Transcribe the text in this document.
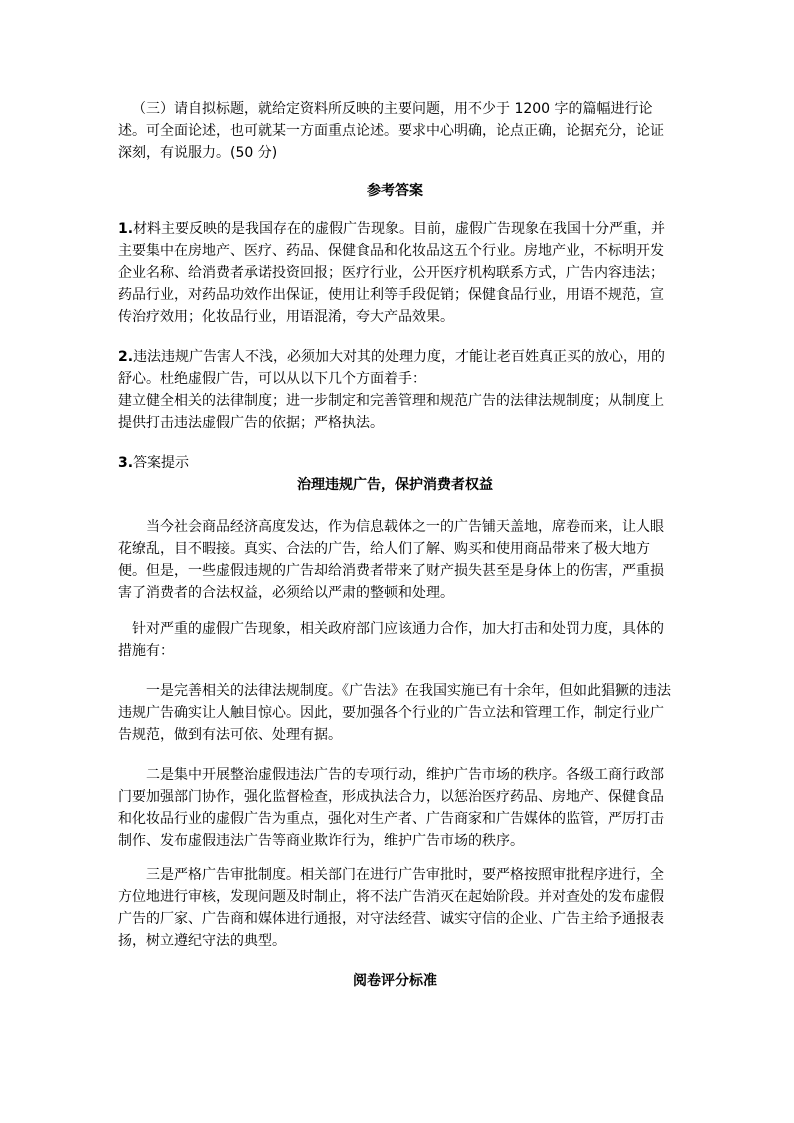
（三）请自拟标题，就给定资料所反映的主要问题，用不少于 1200 字的篇幅进行论述。可全面论述，也可就某一方面重点论述。要求中心明确，论点正确，论据充分，论证深刻，有说服力。(50 分)

参考答案

1.材料主要反映的是我国存在的虚假广告现象。目前，虚假广告现象在我国十分严重，并主要集中在房地产、医疗、药品、保健食品和化妆品这五个行业。房地产业，不标明开发企业名称、给消费者承诺投资回报；医疗行业，公开医疗机构联系方式，广告内容违法；药品行业，对药品功效作出保证，使用让利等手段促销；保健食品行业，用语不规范，宣传治疗效用；化妆品行业，用语混淆，夸大产品效果。

2.违法违规广告害人不浅，必须加大对其的处理力度，才能让老百姓真正买的放心，用的舒心。杜绝虚假广告，可以从以下几个方面着手：

建立健全相关的法律制度；进一步制定和完善管理和规范广告的法律法规制度；从制度上提供打击违法虚假广告的依据；严格执法。

3.答案提示

治理违规广告，保护消费者权益

当今社会商品经济高度发达，作为信息载体之一的广告铺天盖地，席卷而来，让人眼花缭乱，目不暇接。真实、合法的广告，给人们了解、购买和使用商品带来了极大地方便。但是，一些虚假违规的广告却给消费者带来了财产损失甚至是身体上的伤害，严重损害了消费者的合法权益，必须给以严肃的整顿和处理。

针对严重的虚假广告现象，相关政府部门应该通力合作，加大打击和处罚力度，具体的措施有：

一是完善相关的法律法规制度。《广告法》在我国实施已有十余年，但如此猖獗的违法违规广告确实让人触目惊心。因此，要加强各个行业的广告立法和管理工作，制定行业广告规范，做到有法可依、处理有据。

二是集中开展整治虚假违法广告的专项行动，维护广告市场的秩序。各级工商行政部门要加强部门协作，强化监督检查，形成执法合力，以惩治医疗药品、房地产、保健食品和化妆品行业的虚假广告为重点，强化对生产者、广告商家和广告媒体的监管，严厉打击制作、发布虚假违法广告等商业欺诈行为，维护广告市场的秩序。

三是严格广告审批制度。相关部门在进行广告审批时，要严格按照审批程序进行，全方位地进行审核，发现问题及时制止，将不法广告消灭在起始阶段。并对查处的发布虚假广告的厂家、广告商和媒体进行通报，对守法经营、诚实守信的企业、广告主给予通报表扬，树立遵纪守法的典型。

阅卷评分标准
